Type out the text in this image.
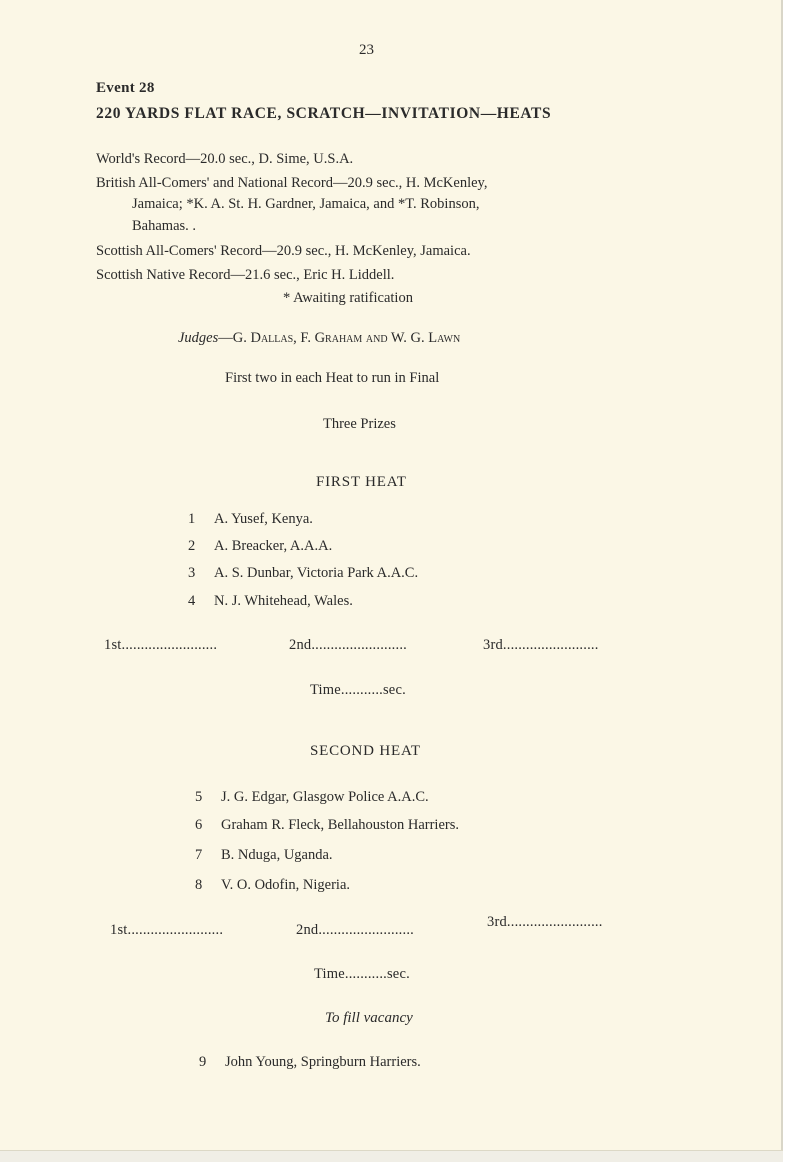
23
Event 28
220 YARDS FLAT RACE, SCRATCH—INVITATION—HEATS
World's Record—20.0 sec., D. Sime, U.S.A.
British All-Comers' and National Record—20.9 sec., H. McKenley,
Jamaica; *K. A. St. H. Gardner, Jamaica, and *T. Robinson,
Bahamas. .
Scottish All-Comers' Record—20.9 sec., H. McKenley, Jamaica.
Scottish Native Record—21.6 sec., Eric H. Liddell.
* Awaiting ratification
Judges—G. Dallas, F. Graham and W. G. Lawn
First two in each Heat to run in Final
Three Prizes
FIRST HEAT
1 A. Yusef, Kenya.
2 A. Breacker, A.A.A.
3 A. S. Dunbar, Victoria Park A.A.C.
4 N. J. Whitehead, Wales.
1st.........................	2nd.........................	3rd.........................
Time...........sec.
SECOND HEAT
5 J. G. Edgar, Glasgow Police A.A.C.
6 Graham R. Fleck, Bellahouston Harriers.
7 B. Nduga, Uganda.
8 V. O. Odofin, Nigeria.
1st.........................	2nd.........................	3rd.........................
Time...........sec.
To fill vacancy
9 John Young, Springburn Harriers.
